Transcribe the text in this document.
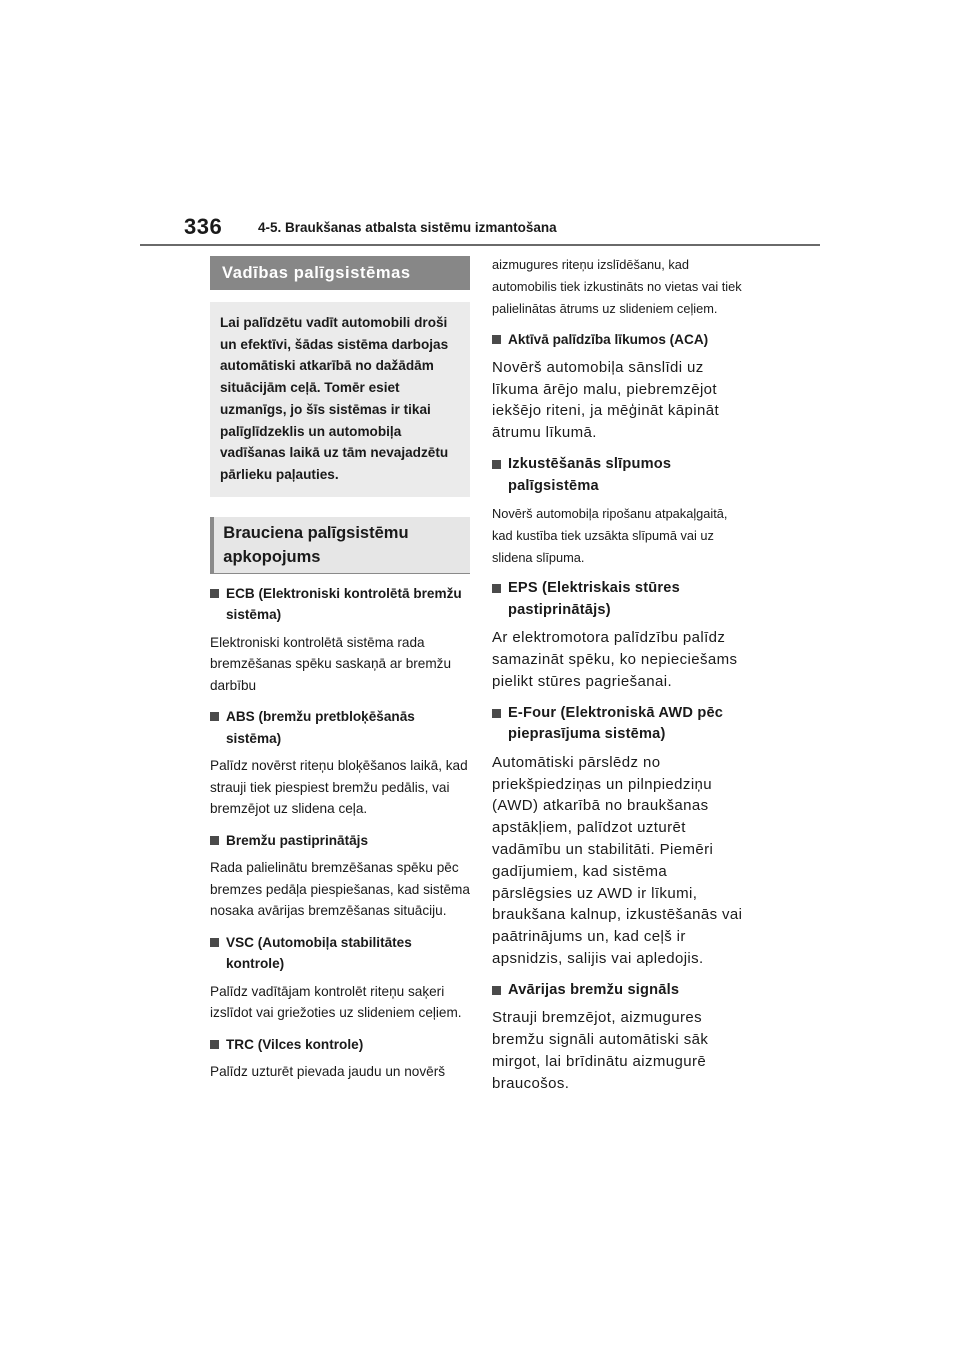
336	4-5. Braukšanas atbalsta sistēmu izmantošana
Vadības palīgsistēmas
Lai palīdzētu vadīt automobili droši un efektīvi, šādas sistēma darbojas automātiski atkarībā no dažādām situācijām ceļā. Tomēr esiet uzmanīgs, jo šīs sistēmas ir tikai palīglīdzeklis un automobiļa vadīšanas laikā uz tām nevajadzētu pārlieku paļauties.
Brauciena palīgsistēmu apkopojums
ECB (Elektroniski kontrolētā bremžu sistēma)
Elektroniski kontrolētā sistēma rada bremzēšanas spēku saskaņā ar bremžu darbību
ABS (bremžu pretbloķēšanās sistēma)
Palīdz novērst riteņu bloķēšanos laikā, kad strauji tiek piespiest bremžu pedālis, vai bremzējot uz slidena ceļa.
Bremžu pastiprinātājs
Rada palielinātu bremzēšanas spēku pēc bremzes pedāļa piespiešanas, kad sistēma nosaka avārijas bremzēšanas situāciju.
VSC (Automobiļa stabilitātes kontrole)
Palīdz vadītājam kontrolēt riteņu saķeri izslīdot vai griežoties uz slideniem ceļiem.
TRC (Vilces kontrole)
Palīdz uzturēt pievada jaudu un novērš
aizmugures riteņu izslīdēšanu, kad automobilis tiek izkustināts no vietas vai tiek palielinātas ātrums uz slideniem ceļiem.
Aktīvā palīdzība līkumos (ACA)
Novērš automobiļa sānslīdi uz līkuma ārējo malu, piebremzējot iekšējo riteni, ja mēģināt kāpināt ātrumu līkumā.
Izkustēšanās slīpumos palīgsistēma
Novērš automobiļa ripošanu atpakaļgaitā, kad kustība tiek uzsākta slīpumā vai uz slidena slīpuma.
EPS (Elektriskais stūres pastiprinātājs)
Ar elektromotora palīdzību palīdz samazināt spēku, ko nepieciešams pielikt stūres pagriešanai.
E-Four (Elektroniskā AWD pēc pieprasījuma sistēma)
Automātiski pārslēdz no priekšpiedziņas un pilnpiedziņu (AWD) atkarībā no braukšanas apstākļiem, palīdzot uzturēt vadāmību un stabilitāti. Piemēri gadījumiem, kad sistēma pārslēgsies uz AWD ir līkumi, braukšana kalnup, izkustēšanās vai paātrinājums un, kad ceļš ir apsnidzis, salijis vai apledojis.
Avārijas bremžu signāls
Strauji bremzējot, aizmugures bremžu signāli automātiski sāk mirgot, lai brīdinātu aizmugurē braucošos.
